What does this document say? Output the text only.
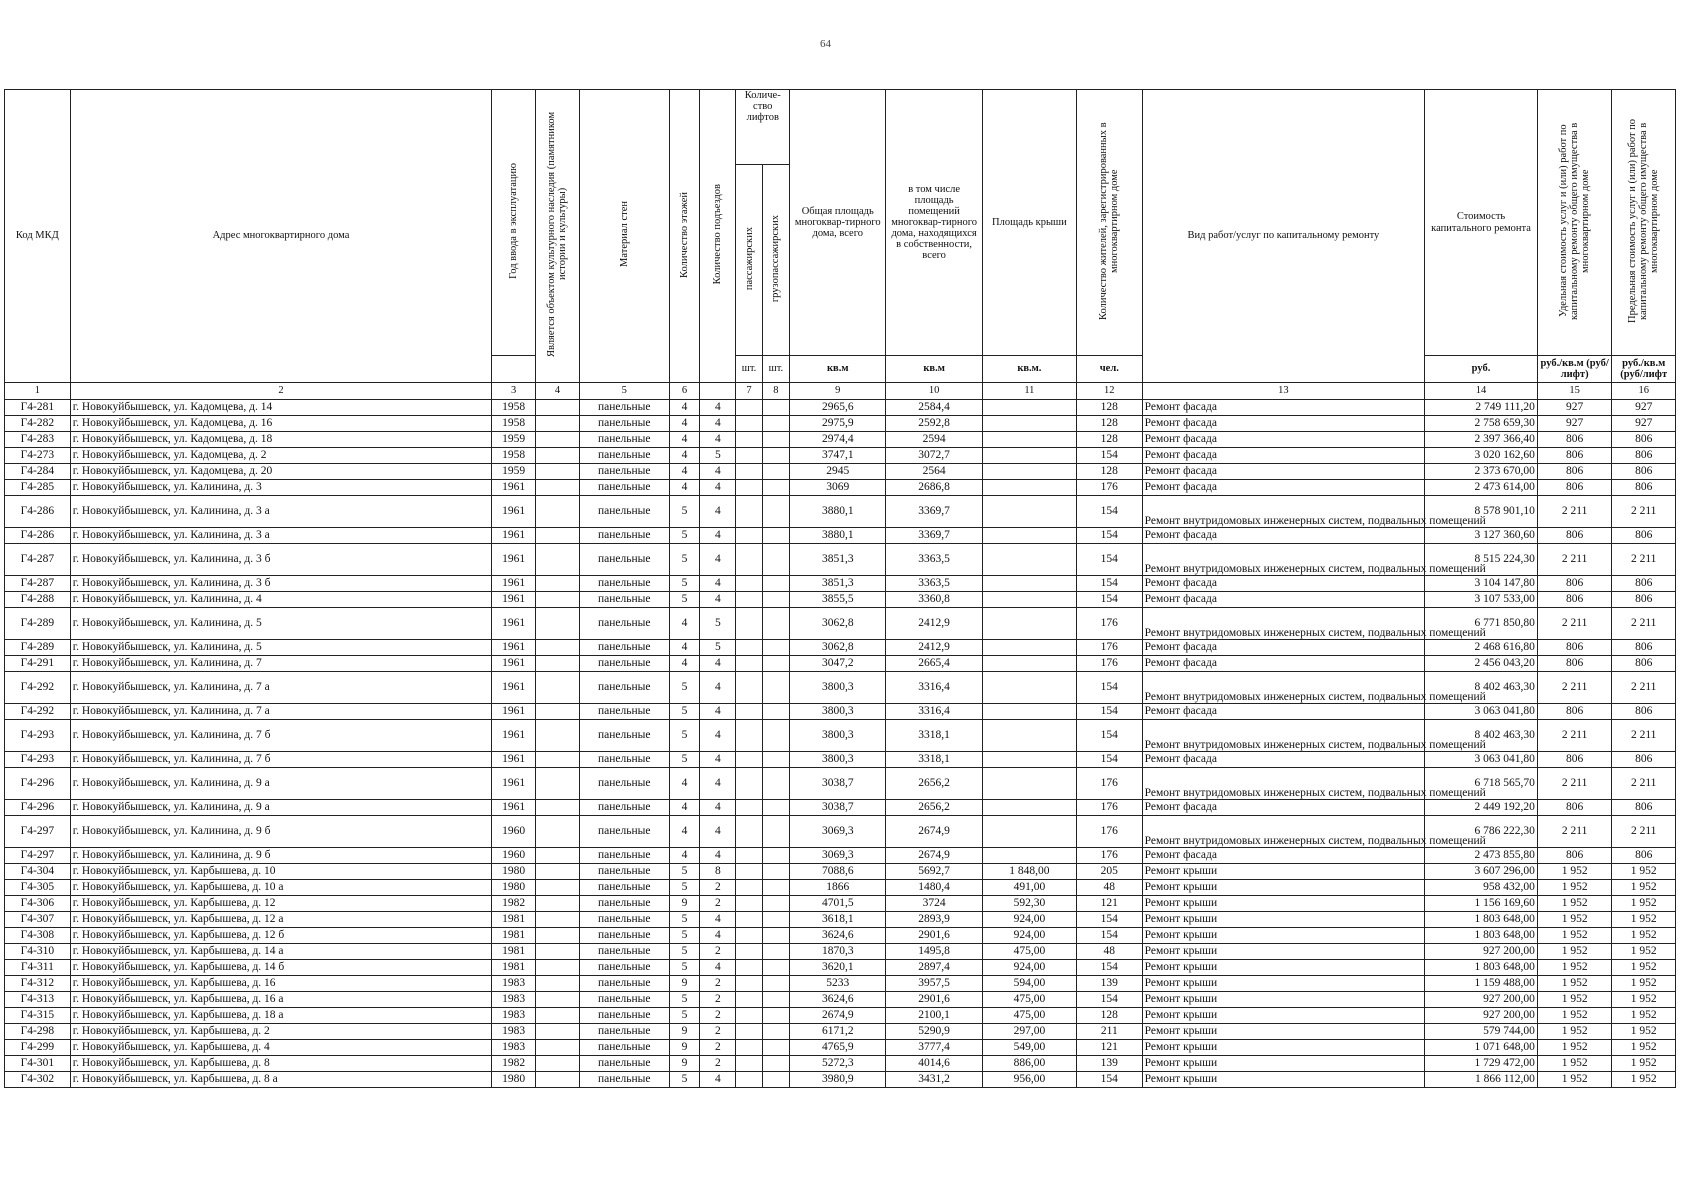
64
Код МКД	Адрес многоквартирного дома	Год ввода в эксплуатацию	Является объектом культурного наследия (памятником истории и культуры)	Материал стен	Количество этажей	Количество подъездов	Количе-ство лифтов		Общая площадь многоквар-тирного дома, всего	в том числе площадь помещений многоквар-тирного дома, находящихся в собственности, всего	Площадь крыши	Количество жителей, зарегистрированных в многоквартирном доме	Вид работ/услуг по капитальному ремонту	Стоимость капитального ремонта	Удельная стоимость услуг и (или) работ по капитальному ремонту общего имущества в многоквартирном доме	Предельная стоимость услуг и (или) работ по капитальному ремонту общего имущества в многоквартирном доме
							пассажирских	грузопассажирских								
							шт.	шт.	кв.м	кв.м	кв.м.	чел.		руб.	руб./кв.м (руб/лифт)	руб./кв.м (руб/лифт
1	2	3	4	5	6		7	8	9	10	11	12	13	14	15	16
Г4-281	г. Новокуйбышевск, ул. Кадомцева, д. 14	1958		панельные	4	4			2965,6	2584,4		128	Ремонт фасада	2 749 111,20	927	927
Г4-282	г. Новокуйбышевск, ул. Кадомцева, д. 16	1958		панельные	4	4			2975,9	2592,8		128	Ремонт фасада	2 758 659,30	927	927
Г4-283	г. Новокуйбышевск, ул. Кадомцева, д. 18	1959		панельные	4	4			2974,4	2594		128	Ремонт фасада	2 397 366,40	806	806
Г4-273	г. Новокуйбышевск, ул. Кадомцева, д. 2	1958		панельные	4	5			3747,1	3072,7		154	Ремонт фасада	3 020 162,60	806	806
Г4-284	г. Новокуйбышевск, ул. Кадомцева, д. 20	1959		панельные	4	4			2945	2564		128	Ремонт фасада	2 373 670,00	806	806
Г4-285	г. Новокуйбышевск, ул. Калинина, д. 3	1961		панельные	4	4			3069	2686,8		176	Ремонт фасада	2 473 614,00	806	806
Г4-286	г. Новокуйбышевск, ул. Калинина, д. 3 а	1961		панельные	5	4			3880,1	3369,7		154	Ремонт внутридомовых инженерных систем, подвальных помещений	8 578 901,10	2 211	2 211
Г4-286	г. Новокуйбышевск, ул. Калинина, д. 3 а	1961		панельные	5	4			3880,1	3369,7		154	Ремонт фасада	3 127 360,60	806	806
Г4-287	г. Новокуйбышевск, ул. Калинина, д. 3 б	1961		панельные	5	4			3851,3	3363,5		154	Ремонт внутридомовых инженерных систем, подвальных помещений	8 515 224,30	2 211	2 211
Г4-287	г. Новокуйбышевск, ул. Калинина, д. 3 б	1961		панельные	5	4			3851,3	3363,5		154	Ремонт фасада	3 104 147,80	806	806
Г4-288	г. Новокуйбышевск, ул. Калинина, д. 4	1961		панельные	5	4			3855,5	3360,8		154	Ремонт фасада	3 107 533,00	806	806
Г4-289	г. Новокуйбышевск, ул. Калинина, д. 5	1961		панельные	4	5			3062,8	2412,9		176	Ремонт внутридомовых инженерных систем, подвальных помещений	6 771 850,80	2 211	2 211
Г4-289	г. Новокуйбышевск, ул. Калинина, д. 5	1961		панельные	4	5			3062,8	2412,9		176	Ремонт фасада	2 468 616,80	806	806
Г4-291	г. Новокуйбышевск, ул. Калинина, д. 7	1961		панельные	4	4			3047,2	2665,4		176	Ремонт фасада	2 456 043,20	806	806
Г4-292	г. Новокуйбышевск, ул. Калинина, д. 7 а	1961		панельные	5	4			3800,3	3316,4		154	Ремонт внутридомовых инженерных систем, подвальных помещений	8 402 463,30	2 211	2 211
Г4-292	г. Новокуйбышевск, ул. Калинина, д. 7 а	1961		панельные	5	4			3800,3	3316,4		154	Ремонт фасада	3 063 041,80	806	806
Г4-293	г. Новокуйбышевск, ул. Калинина, д. 7 б	1961		панельные	5	4			3800,3	3318,1		154	Ремонт внутридомовых инженерных систем, подвальных помещений	8 402 463,30	2 211	2 211
Г4-293	г. Новокуйбышевск, ул. Калинина, д. 7 б	1961		панельные	5	4			3800,3	3318,1		154	Ремонт фасада	3 063 041,80	806	806
Г4-296	г. Новокуйбышевск, ул. Калинина, д. 9 а	1961		панельные	4	4			3038,7	2656,2		176	Ремонт внутридомовых инженерных систем, подвальных помещений	6 718 565,70	2 211	2 211
Г4-296	г. Новокуйбышевск, ул. Калинина, д. 9 а	1961		панельные	4	4			3038,7	2656,2		176	Ремонт фасада	2 449 192,20	806	806
Г4-297	г. Новокуйбышевск, ул. Калинина, д. 9 б	1960		панельные	4	4			3069,3	2674,9		176	Ремонт внутридомовых инженерных систем, подвальных помещений	6 786 222,30	2 211	2 211
Г4-297	г. Новокуйбышевск, ул. Калинина, д. 9 б	1960		панельные	4	4			3069,3	2674,9		176	Ремонт фасада	2 473 855,80	806	806
Г4-304	г. Новокуйбышевск, ул. Карбышева, д. 10	1980		панельные	5	8			7088,6	5692,7	1 848,00	205	Ремонт крыши	3 607 296,00	1 952	1 952
Г4-305	г. Новокуйбышевск, ул. Карбышева, д. 10 а	1980		панельные	5	2			1866	1480,4	491,00	48	Ремонт крыши	958 432,00	1 952	1 952
Г4-306	г. Новокуйбышевск, ул. Карбышева, д. 12	1982		панельные	9	2			4701,5	3724	592,30	121	Ремонт крыши	1 156 169,60	1 952	1 952
Г4-307	г. Новокуйбышевск, ул. Карбышева, д. 12 а	1981		панельные	5	4			3618,1	2893,9	924,00	154	Ремонт крыши	1 803 648,00	1 952	1 952
Г4-308	г. Новокуйбышевск, ул. Карбышева, д. 12 б	1981		панельные	5	4			3624,6	2901,6	924,00	154	Ремонт крыши	1 803 648,00	1 952	1 952
Г4-310	г. Новокуйбышевск, ул. Карбышева, д. 14 а	1981		панельные	5	2			1870,3	1495,8	475,00	48	Ремонт крыши	927 200,00	1 952	1 952
Г4-311	г. Новокуйбышевск, ул. Карбышева, д. 14 б	1981		панельные	5	4			3620,1	2897,4	924,00	154	Ремонт крыши	1 803 648,00	1 952	1 952
Г4-312	г. Новокуйбышевск, ул. Карбышева, д. 16	1983		панельные	9	2			5233	3957,5	594,00	139	Ремонт крыши	1 159 488,00	1 952	1 952
Г4-313	г. Новокуйбышевск, ул. Карбышева, д. 16 а	1983		панельные	5	2			3624,6	2901,6	475,00	154	Ремонт крыши	927 200,00	1 952	1 952
Г4-315	г. Новокуйбышевск, ул. Карбышева, д. 18 а	1983		панельные	5	2			2674,9	2100,1	475,00	128	Ремонт крыши	927 200,00	1 952	1 952
Г4-298	г. Новокуйбышевск, ул. Карбышева, д. 2	1983		панельные	9	2			6171,2	5290,9	297,00	211	Ремонт крыши	579 744,00	1 952	1 952
Г4-299	г. Новокуйбышевск, ул. Карбышева, д. 4	1983		панельные	9	2			4765,9	3777,4	549,00	121	Ремонт крыши	1 071 648,00	1 952	1 952
Г4-301	г. Новокуйбышевск, ул. Карбышева, д. 8	1982		панельные	9	2			5272,3	4014,6	886,00	139	Ремонт крыши	1 729 472,00	1 952	1 952
Г4-302	г. Новокуйбышевск, ул. Карбышева, д. 8 а	1980		панельные	5	4			3980,9	3431,2	956,00	154	Ремонт крыши	1 866 112,00	1 952	1 952
